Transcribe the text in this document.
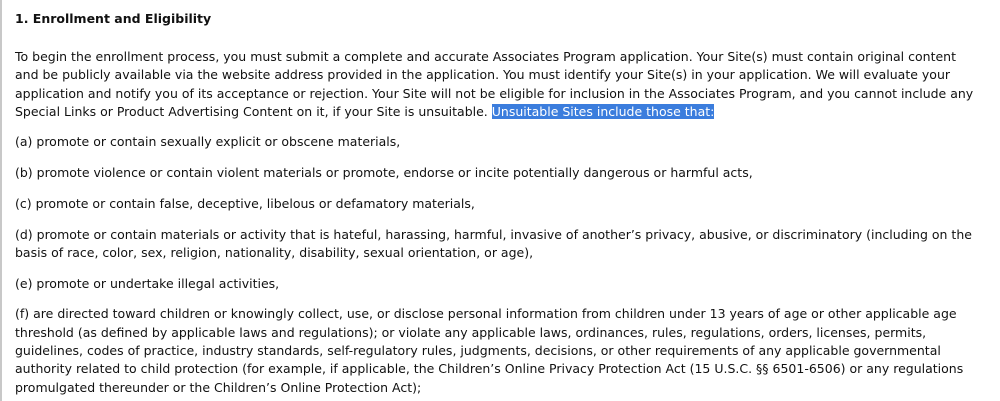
1. Enrollment and Eligibility

To begin the enrollment process, you must submit a complete and accurate Associates Program application. Your Site(s) must contain original content and be publicly available via the website address provided in the application. You must identify your Site(s) in your application. We will evaluate your application and notify you of its acceptance or rejection. Your Site will not be eligible for inclusion in the Associates Program, and you cannot include any Special Links or Product Advertising Content on it, if your Site is unsuitable. Unsuitable Sites include those that:

(a) promote or contain sexually explicit or obscene materials,

(b) promote violence or contain violent materials or promote, endorse or incite potentially dangerous or harmful acts,

(c) promote or contain false, deceptive, libelous or defamatory materials,

(d) promote or contain materials or activity that is hateful, harassing, harmful, invasive of another’s privacy, abusive, or discriminatory (including on the basis of race, color, sex, religion, nationality, disability, sexual orientation, or age),

(e) promote or undertake illegal activities,

(f) are directed toward children or knowingly collect, use, or disclose personal information from children under 13 years of age or other applicable age threshold (as defined by applicable laws and regulations); or violate any applicable laws, ordinances, rules, regulations, orders, licenses, permits, guidelines, codes of practice, industry standards, self-regulatory rules, judgments, decisions, or other requirements of any applicable governmental authority related to child protection (for example, if applicable, the Children’s Online Privacy Protection Act (15 U.S.C. §§ 6501-6506) or any regulations promulgated thereunder or the Children’s Online Protection Act);
